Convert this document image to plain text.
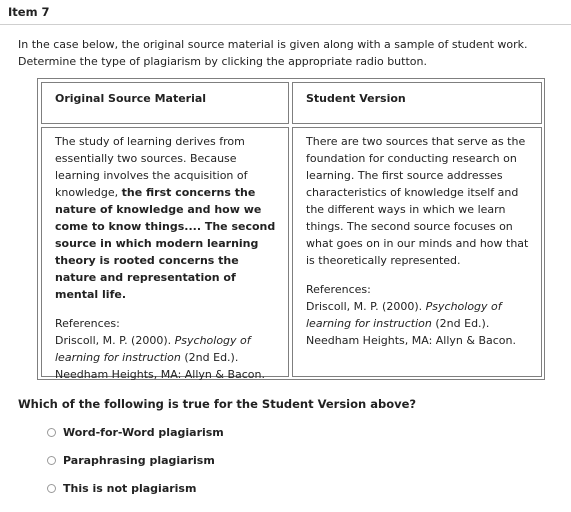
Item 7
In the case below, the original source material is given along with a sample of student work.
Determine the type of plagiarism by clicking the appropriate radio button.
Original Source Material	Student Version

The study of learning derives from essentially two sources. Because learning involves the acquisition of knowledge, the first concerns the nature of knowledge and how we come to know things.... The second source in which modern learning theory is rooted concerns the nature and representation of mental life.

References:
Driscoll, M. P. (2000). Psychology of learning for instruction (2nd Ed.).
Needham Heights, MA: Allyn & Bacon.

There are two sources that serve as the foundation for conducting research on learning. The first source addresses characteristics of knowledge itself and the different ways in which we learn things. The second source focuses on what goes on in our minds and how that is theoretically represented.

References:
Driscoll, M. P. (2000). Psychology of learning for instruction (2nd Ed.).
Needham Heights, MA: Allyn & Bacon.
Which of the following is true for the Student Version above?
Word-for-Word plagiarism
Paraphrasing plagiarism
This is not plagiarism
